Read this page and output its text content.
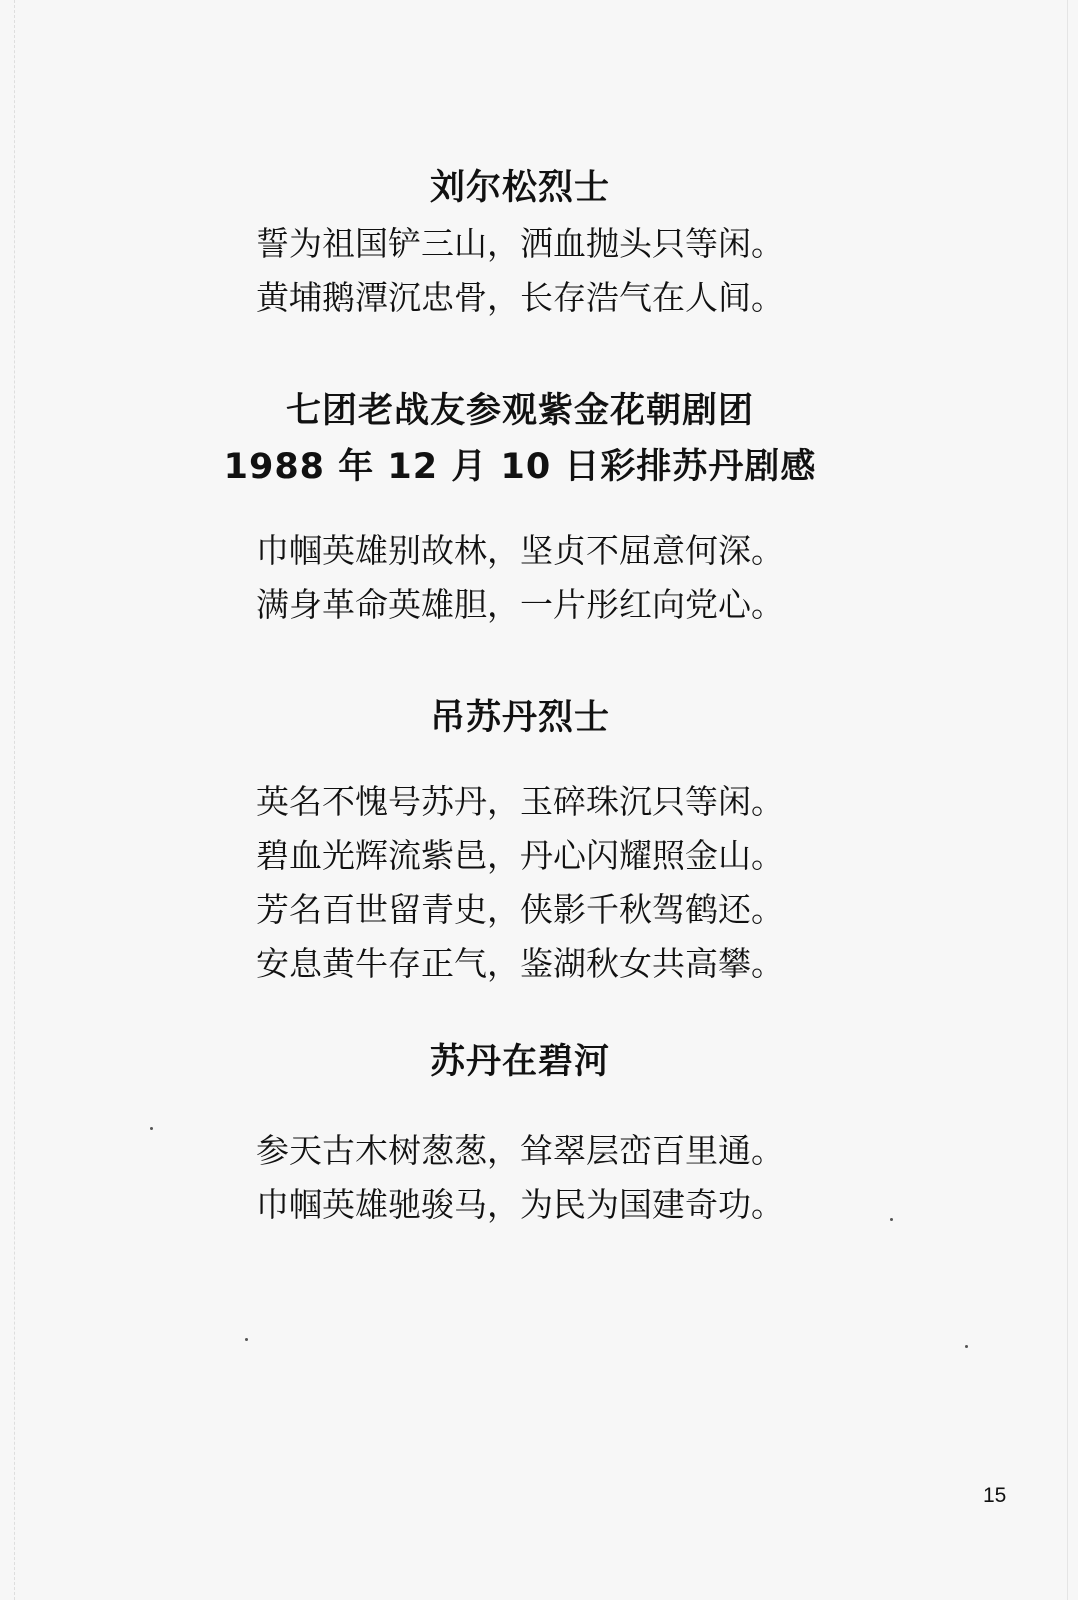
刘尔松烈士
誓为祖国铲三山，洒血抛头只等闲。
黄埔鹅潭沉忠骨，长存浩气在人间。
七团老战友参观紫金花朝剧团
1988 年 12 月 10 日彩排苏丹剧感
巾帼英雄别故林，坚贞不屈意何深。
满身革命英雄胆，一片彤红向党心。
吊苏丹烈士
英名不愧号苏丹，玉碎珠沉只等闲。
碧血光辉流紫邑，丹心闪耀照金山。
芳名百世留青史，侠影千秋驾鹤还。
安息黄牛存正气，鉴湖秋女共高攀。
苏丹在碧河
参天古木树葱葱，耸翠层峦百里通。
巾帼英雄驰骏马，为民为国建奇功。
15
